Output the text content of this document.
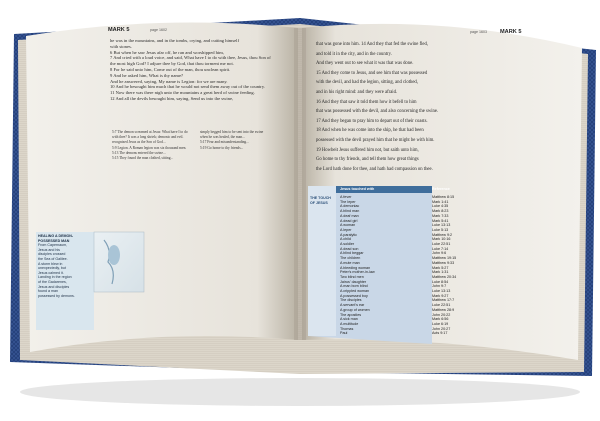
MARK 5	page 1602
he was in the mountains, and in the tombs, crying, and cutting himself
with stones.
6 But when he saw Jesus afar off, he ran and worshipped him,
7 And cried with a loud voice, and said, What have I to do with thee, Jesus, thou Son of
the most high God? I adjure thee by God, that thou torment me not.
8 For he said unto him, Come out of the man, thou unclean spirit.
9 And he asked him, What is thy name?
And he answered, saying, My name is Legion: for we are many.
10 And he besought him much that he would not send them away out of the country.
11 Now there was there nigh unto the mountains a great herd of swine feeding.
12 And all the devils besought him, saying, Send us into the swine,
5:7 The demon screamed at Jesus: What have I to do
with thee? It was a long shriek; demonic and evil.
recognized Jesus as the Son of God...
5:9 Legion. A Roman legion was six thousand men.
5:13 The demons entered the swine...
5:15 They found the man clothed, sitting...
simply begged him to be sent into the swine
when he was healed, the man...
5:17 Fear and misunderstanding...
5:19 Go home to thy friends...
HEALING A DEMON-POSSESSED MAN
From Capernaum,
Jesus and his
disciples crossed
the Sea of Galilee.
A storm blew in
unexpectedly, but
Jesus calmed it.
Landing in the region
of the Gadarenes,
Jesus and disciples
found a man
possessed by demons.
page 1603 MARK 5
that was gone into him. 14 And they that fed the swine fled,
and told it in the city, and in the country.
And they went out to see what it was that was done.
15 And they come to Jesus, and see him that was possessed
with the devil, and had the legion, sitting, and clothed,
and in his right mind: and they were afraid.
16 And they that saw it told them how it befell to him
that was possessed with the devil, and also concerning the swine.
17 And they began to pray him to depart out of their coasts.
18 And when he was come into the ship, he that had been
possessed with the devil prayed him that he might be with him.
19 Howbeit Jesus suffered him not, but saith unto him,
Go home to thy friends, and tell them how great things
the Lord hath done for thee, and hath had compassion on thee.
THE TOUCH OF JESUS
Jesus touched with	Reference
A fever	Matthew 8:15
The leper	Mark 1:41
A demoniac	Luke 4:35
A blind man	Mark 8:23
A deaf man	Mark 7:33
A dead girl	Mark 5:41
A woman	Luke 13:13
A leper	Luke 5:13
A paralytic	Matthew 9:2
A child	Mark 10:16
A soldier	Luke 22:51
A dead son	Luke 7:14
A blind beggar	John 9:6
The children	Matthew 19:15
A mute man	Matthew 9:33
A bleeding woman	Mark 5:27
Peter's mother-in-law	Mark 1:31
Two blind men	Matthew 20:34
Jairus' daughter	Luke 8:54
A man born blind	John 9:7
A crippled woman	Luke 13:13
A possessed boy	Mark 9:27
The disciples	Matthew 17:7
A servant's ear	Luke 22:51
A group of women	Matthew 28:9
The apostles	John 20:22
A sick man	Mark 6:56
A multitude	Luke 6:19
Thomas	John 20:27
Paul	Acts 9:17
